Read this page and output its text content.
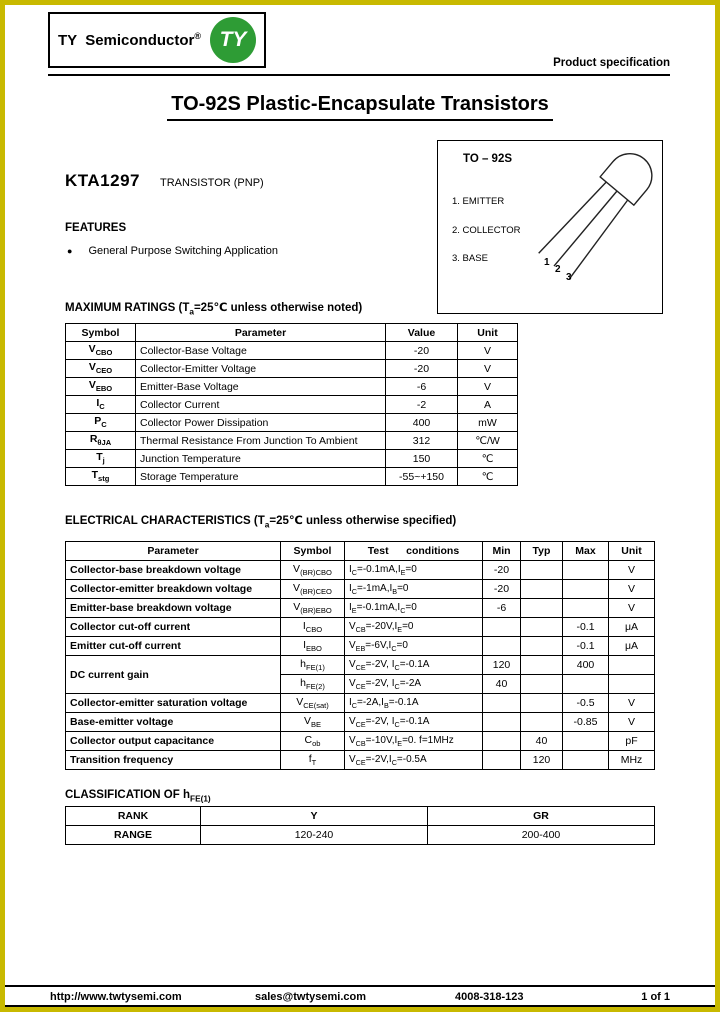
TY  Semiconductor® TY
Product specification
TO-92S Plastic-Encapsulate Transistors
KTA1297 TRANSISTOR (PNP)
TO – 92S
1. EMITTER
2. COLLECTOR
3. BASE	1
2
3
FEATURES
● General Purpose Switching Application
MAXIMUM RATINGS ($T_a=25℃$ unless otherwise noted)
Symbol	Parameter	Value	Unit
$V_{CBO}$	Collector-Base Voltage	-20	V
$V_{CEO}$	Collector-Emitter Voltage	-20	V
$V_{EBO}$	Emitter-Base Voltage	-6	V
$I_C$	Collector Current	-2	A
$P_C$	Collector Power Dissipation	400	mW
$R_{\theta JA}$	Thermal Resistance From Junction To Ambient	312	℃/W
$T_j$	Junction Temperature	150	℃
$T_{stg}$	Storage Temperature	-55~+150	℃
ELECTRICAL CHARACTERISTICS ($T_a=25℃$ unless otherwise specified)
Parameter	Symbol	Test      conditions	Min	Typ	Max	Unit
Collector-base breakdown voltage	$V_{(BR)CBO}$	$I_C=-0.1mA,I_E=0$	-20			V
Collector-emitter breakdown voltage	$V_{(BR)CEO}$	$I_C=-1mA,I_B=0$	-20			V
Emitter-base breakdown voltage	$V_{(BR)EBO}$	$I_E=-0.1mA,I_C=0$	-6			V
Collector cut-off current	$I_{CBO}$	$V_{CB}=-20V,I_E=0$			-0.1	μA
Emitter cut-off current	$I_{EBO}$	$V_{EB}=-6V,I_C=0$			-0.1	μA
DC current gain	$h_{FE(1)}$	$V_{CE}=-2V$, $I_C=-0.1A$	120		400	
	$h_{FE(2)}$	$V_{CE}=-2V$, $I_C=-2A$	40			
Collector-emitter saturation voltage	$V_{CE(sat)}$	$I_C=-2A,I_B=-0.1A$			-0.5	V
Base-emitter voltage	$V_{BE}$	$V_{CE}=-2V$, $I_C=-0.1A$			-0.85	V
Collector output capacitance	$C_{ob}$	$V_{CB}=-10V,I_E=0$. f=1MHz		40		pF
Transition frequency	$f_T$	$V_{CE}=-2V,I_C=-0.5A$		120		MHz
CLASSIFICATION OF $h_{FE(1)}$
RANK	Y	GR
RANGE	120-240	200-400
http://www.twtysemi.com	sales@twtysemi.com	4008-318-123	1 of 1
